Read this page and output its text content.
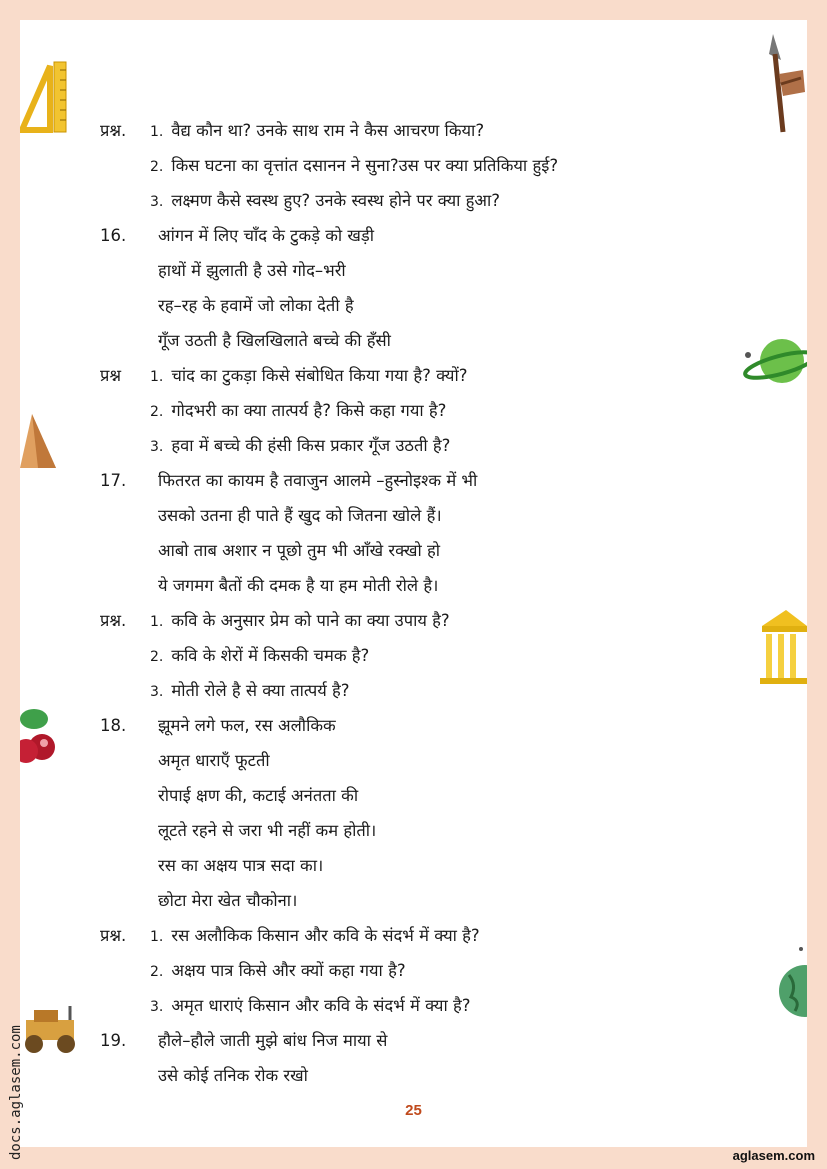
प्रश्न. 1. वैद्य कौन था? उनके साथ राम ने कैस आचरण किया?
2. किस घटना का वृत्तांत दसानन ने सुना?उस पर क्या प्रतिकिया हुई?
3. लक्ष्मण कैसे स्वस्थ हुए? उनके स्वस्थ होने पर क्या हुआ?
16.	आंगन में लिए चाँद के टुकड़े को खड़ी
हाथों में झुलाती है उसे गोद–भरी
रह–रह के हवामें जो लोका देती है
गूँज उठती है खिलखिलाते बच्चे की हँसी
प्रश्न 1. चांद का टुकड़ा किसे संबोधित किया गया है? क्यों?
2. गोदभरी का क्या तात्पर्य है? किसे कहा गया है?
3. हवा में बच्चे की हंसी किस प्रकार गूँज उठती है?
17.	फितरत का कायम है तवाजुन आलमे –हुस्नोइश्क में भी
उसको उतना ही पाते हैं खुद को जितना खोले हैं।
आबो ताब अशार न पूछो तुम भी आँखे रक्खो हो
ये जगमग बैतों की दमक है या हम मोती रोले है।
प्रश्न. 1. कवि के अनुसार प्रेम को पाने का क्या उपाय है?
2. कवि के शेरों में किसकी चमक है?
3. मोती रोले है से क्या तात्पर्य है?
18.	झूमने लगे फल, रस अलौकिक
अमृत धाराएँ फूटती
रोपाई क्षण की, कटाई अनंतता की
लूटते रहने से जरा भी नहीं कम होती।
रस का अक्षय पात्र सदा का।
छोटा मेरा खेत चौकोना।
प्रश्न. 1. रस अलौकिक किसान और कवि के संदर्भ में क्या है?
2. अक्षय पात्र किसे और क्यों कहा गया है?
3. अमृत धाराएं किसान और कवि के संदर्भ में क्या है?
19.	हौले–हौले जाती मुझे बांध निज माया से
उसे कोई तनिक रोक रखो
25
docs.aglasem.com	aglasem.com
